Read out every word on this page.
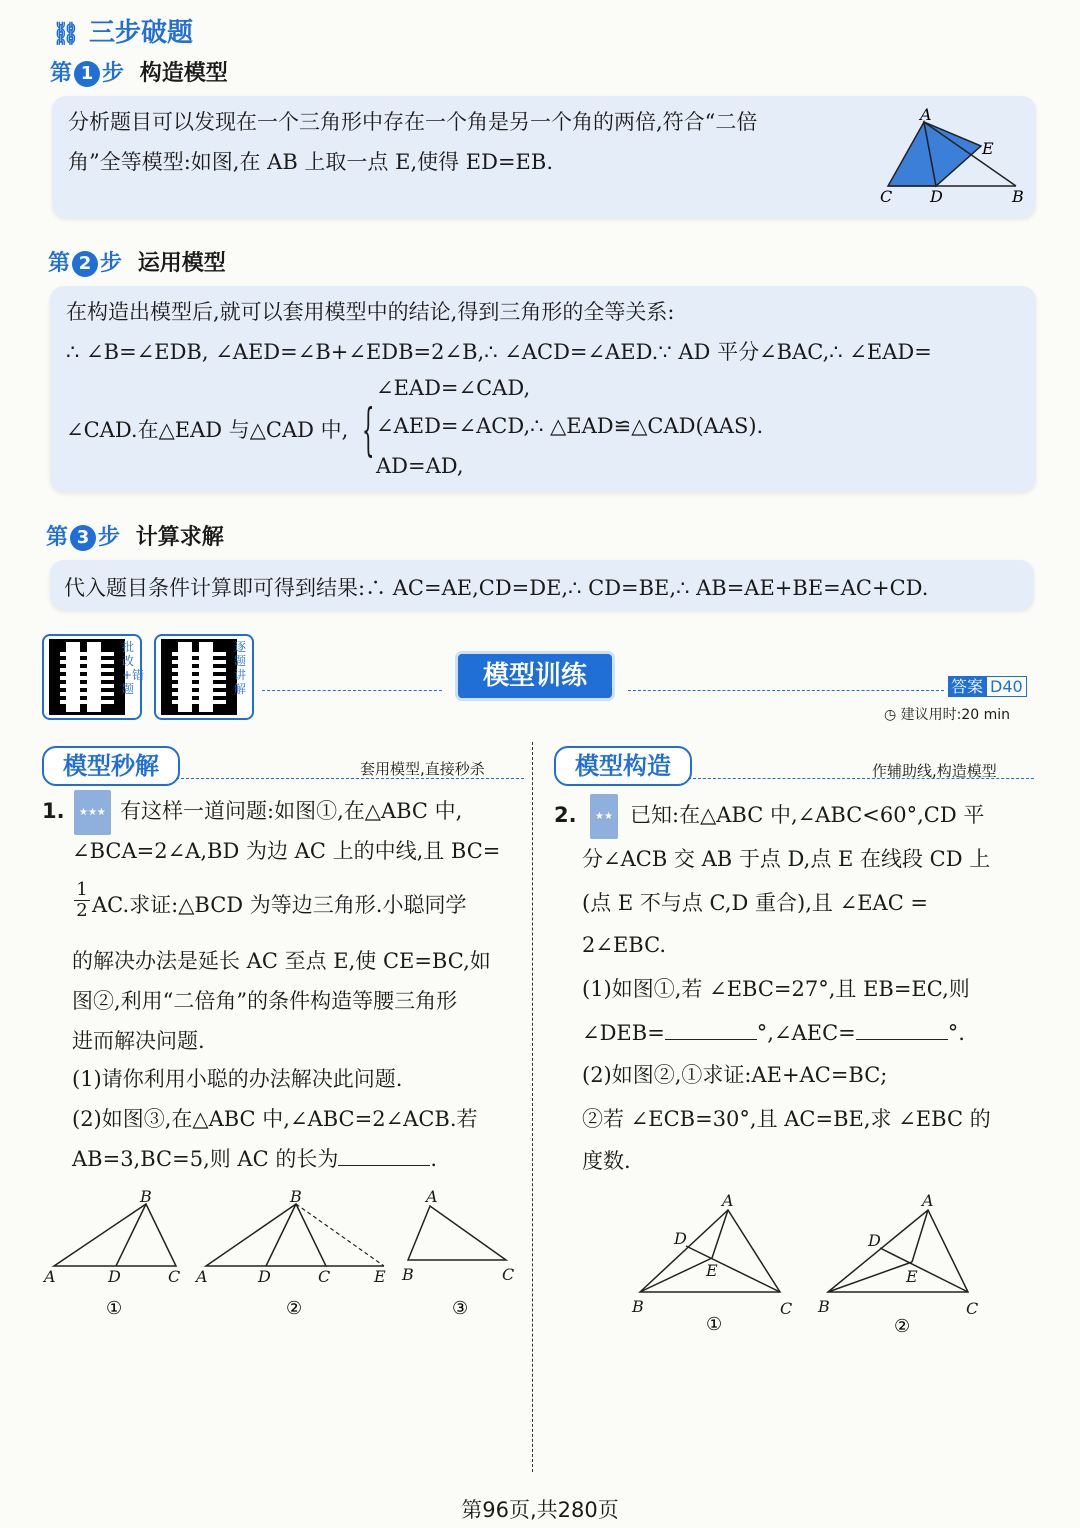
⛓ 三步破题
第 1 步 构造模型
分析题目可以发现在一个三角形中存在一个角是另一个角的两倍,符合“二倍
角”全等模型:如图,在 AB 上取一点 E,使得 ED=EB.
A
E
C D	B
第 2 步 运用模型
在构造出模型后,就可以套用模型中的结论,得到三角形的全等关系:
∴ ∠B=∠EDB, ∠AED=∠B+∠EDB=2∠B,∴ ∠ACD=∠AED.∵ AD 平分∠BAC,∴ ∠EAD=
∠CAD.在△EAD 与△CAD 中, {
∠EAD=∠CAD,
∠AED=∠ACD,∴ △EAD≌△CAD(AAS).
AD=AD,
第 3 步 计算求解
代入题目条件计算即可得到结果:∴ AC=AE,CD=DE,∴ CD=BE,∴ AB=AE+BE=AC+CD.
批改+错题
逐题讲解	模型训练	答案 D40
◷ 建议用时:20 min
模型秒解	套用模型,直接秒杀
1.	★★★ 有这样一道问题:如图①,在△ABC 中,
∠BCA=2∠A,BD 为边 AC 上的中线,且 BC=
$\frac{1}{2}$ AC.求证:△BCD 为等边三角形.小聪同学
的解决办法是延长 AC 至点 E,使 CE=BC,如
图②,利用“二倍角”的条件构造等腰三角形
进而解决问题.
(1)请你利用小聪的办法解决此问题.
(2)如图③,在△ABC 中,∠ABC=2∠ACB.若
AB=3,BC=5,则 AC 的长为	.
B
A	D	C
B
A	D	C	E
A
B	C
①	②	③
模型构造	作辅助线,构造模型
2.	★★ 已知:在△ABC 中,∠ABC<60°,CD 平
分∠ACB 交 AB 于点 D,点 E 在线段 CD 上
(点 E 不与点 C,D 重合),且 ∠EAC =
2∠EBC.
(1)如图①,若 ∠EBC=27°,且 EB=EC,则
∠DEB=	°,∠AEC=	°.
(2)如图②,①求证:AE+AC=BC;
②若 ∠ECB=30°,且 AC=BE,求 ∠EBC 的
度数.
A
D
E
B	C
A
D
E
B	C
①	②
第96页,共280页
